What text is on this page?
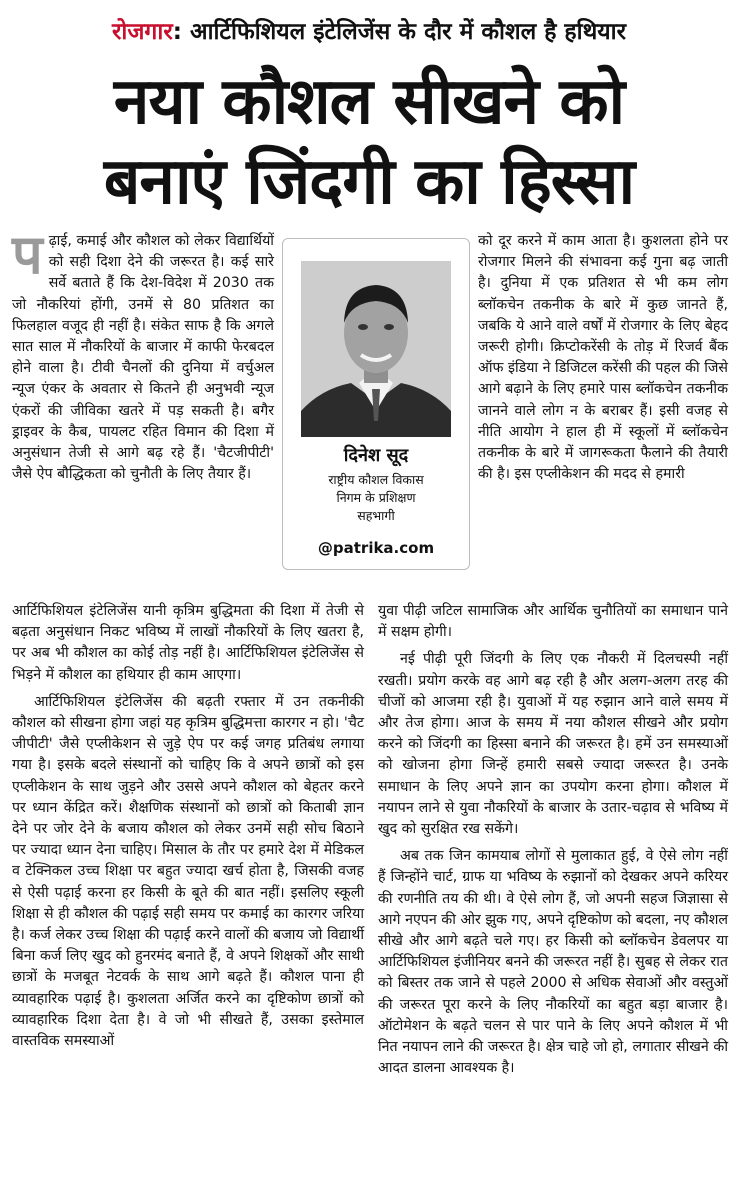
रोजगार: आर्टिफिशियल इंटेलिजेंस के दौर में कौशल है हथियार
नया कौशल सीखने को
बनाएं जिंदगी का हिस्सा

पढ़ाई, कमाई और कौशल को लेकर विद्यार्थियों को सही दिशा देने की जरूरत है। कई सारे सर्वे बताते हैं कि देश-विदेश में 2030 तक जो नौकरियां होंगी, उनमें से 80 प्रतिशत का फिलहाल वजूद ही नहीं है। संकेत साफ है कि अगले सात साल में नौकरियों के बाजार में काफी फेरबदल होने वाला है। टीवी चैनलों की दुनिया में वर्चुअल न्यूज एंकर के अवतार से कितने ही अनुभवी न्यूज एंकरों की जीविका खतरे में पड़ सकती है। बगैर ड्राइवर के कैब, पायलट रहित विमान की दिशा में अनुसंधान तेजी से आगे बढ़ रहे हैं। 'चैटजीपीटी' जैसे ऐप बौद्धिकता को चुनौती के लिए तैयार हैं।

दिनेश सूद
राष्ट्रीय कौशल विकास
निगम के प्रशिक्षण
सहभागी
@patrika.com

को दूर करने में काम आता है। कुशलता होने पर रोजगार मिलने की संभावना कई गुना बढ़ जाती है। दुनिया में एक प्रतिशत से भी कम लोग ब्लॉकचेन तकनीक के बारे में कुछ जानते हैं, जबकि ये आने वाले वर्षों में रोजगार के लिए बेहद जरूरी होगी। क्रिप्टोकरेंसी के तोड़ में रिजर्व बैंक ऑफ इंडिया ने डिजिटल करेंसी की पहल की जिसे आगे बढ़ाने के लिए हमारे पास ब्लॉकचेन तकनीक जानने वाले लोग न के बराबर हैं। इसी वजह से नीति आयोग ने हाल ही में स्कूलों में ब्लॉकचेन तकनीक के बारे में जागरूकता फैलाने की तैयारी की है। इस एप्लीकेशन की मदद से हमारी

आर्टिफिशियल इंटेलिजेंस यानी कृत्रिम बुद्धिमता की दिशा में तेजी से बढ़ता अनुसंधान निकट भविष्य में लाखों नौकरियों के लिए खतरा है, पर अब भी कौशल का कोई तोड़ नहीं है। आर्टिफिशियल इंटेलिजेंस से भिड़ने में कौशल का हथियार ही काम आएगा।

आर्टिफिशियल इंटेलिजेंस की बढ़ती रफ्तार में उन तकनीकी कौशल को सीखना होगा जहां यह कृत्रिम बुद्धिमत्ता कारगर न हो। 'चैट जीपीटी' जैसे एप्लीकेशन से जुड़े ऐप पर कई जगह प्रतिबंध लगाया गया है। इसके बदले संस्थानों को चाहिए कि वे अपने छात्रों को इस एप्लीकेशन के साथ जुड़ने और उससे अपने कौशल को बेहतर करने पर ध्यान केंद्रित करें। शैक्षणिक संस्थानों को छात्रों को किताबी ज्ञान देने पर जोर देने के बजाय कौशल को लेकर उनमें सही सोच बिठाने पर ज्यादा ध्यान देना चाहिए। मिसाल के तौर पर हमारे देश में मेडिकल व टेक्निकल उच्च शिक्षा पर बहुत ज्यादा खर्च होता है, जिसकी वजह से ऐसी पढ़ाई करना हर किसी के बूते की बात नहीं। इसलिए स्कूली शिक्षा से ही कौशल की पढ़ाई सही समय पर कमाई का कारगर जरिया है। कर्ज लेकर उच्च शिक्षा की पढ़ाई करने वालों की बजाय जो विद्यार्थी बिना कर्ज लिए खुद को हुनरमंद बनाते हैं, वे अपने शिक्षकों और साथी छात्रों के मजबूत नेटवर्क के साथ आगे बढ़ते हैं। कौशल पाना ही व्यावहारिक पढ़ाई है। कुशलता अर्जित करने का दृष्टिकोण छात्रों को व्यावहारिक दिशा देता है। वे जो भी सीखते हैं, उसका इस्तेमाल वास्तविक समस्याओं

युवा पीढ़ी जटिल सामाजिक और आर्थिक चुनौतियों का समाधान पाने में सक्षम होगी।

नई पीढ़ी पूरी जिंदगी के लिए एक नौकरी में दिलचस्पी नहीं रखती। प्रयोग करके वह आगे बढ़ रही है और अलग-अलग तरह की चीजों को आजमा रही है। युवाओं में यह रुझान आने वाले समय में और तेज होगा। आज के समय में नया कौशल सीखने और प्रयोग करने को जिंदगी का हिस्सा बनाने की जरूरत है। हमें उन समस्याओं को खोजना होगा जिन्हें हमारी सबसे ज्यादा जरूरत है। उनके समाधान के लिए अपने ज्ञान का उपयोग करना होगा। कौशल में नयापन लाने से युवा नौकरियों के बाजार के उतार-चढ़ाव से भविष्य में खुद को सुरक्षित रख सकेंगे।

अब तक जिन कामयाब लोगों से मुलाकात हुई, वे ऐसे लोग नहीं हैं जिन्होंने चार्ट, ग्राफ या भविष्य के रुझानों को देखकर अपने करियर की रणनीति तय की थी। वे ऐसे लोग हैं, जो अपनी सहज जिज्ञासा से आगे नएपन की ओर झुक गए, अपने दृष्टिकोण को बदला, नए कौशल सीखे और आगे बढ़ते चले गए। हर किसी को ब्लॉकचेन डेवलपर या आर्टिफिशियल इंजीनियर बनने की जरूरत नहीं है। सुबह से लेकर रात को बिस्तर तक जाने से पहले 2000 से अधिक सेवाओं और वस्तुओं की जरूरत पूरा करने के लिए नौकरियों का बहुत बड़ा बाजार है। ऑटोमेशन के बढ़ते चलन से पार पाने के लिए अपने कौशल में भी नित नयापन लाने की जरूरत है। क्षेत्र चाहे जो हो, लगातार सीखने की आदत डालना आवश्यक है।
